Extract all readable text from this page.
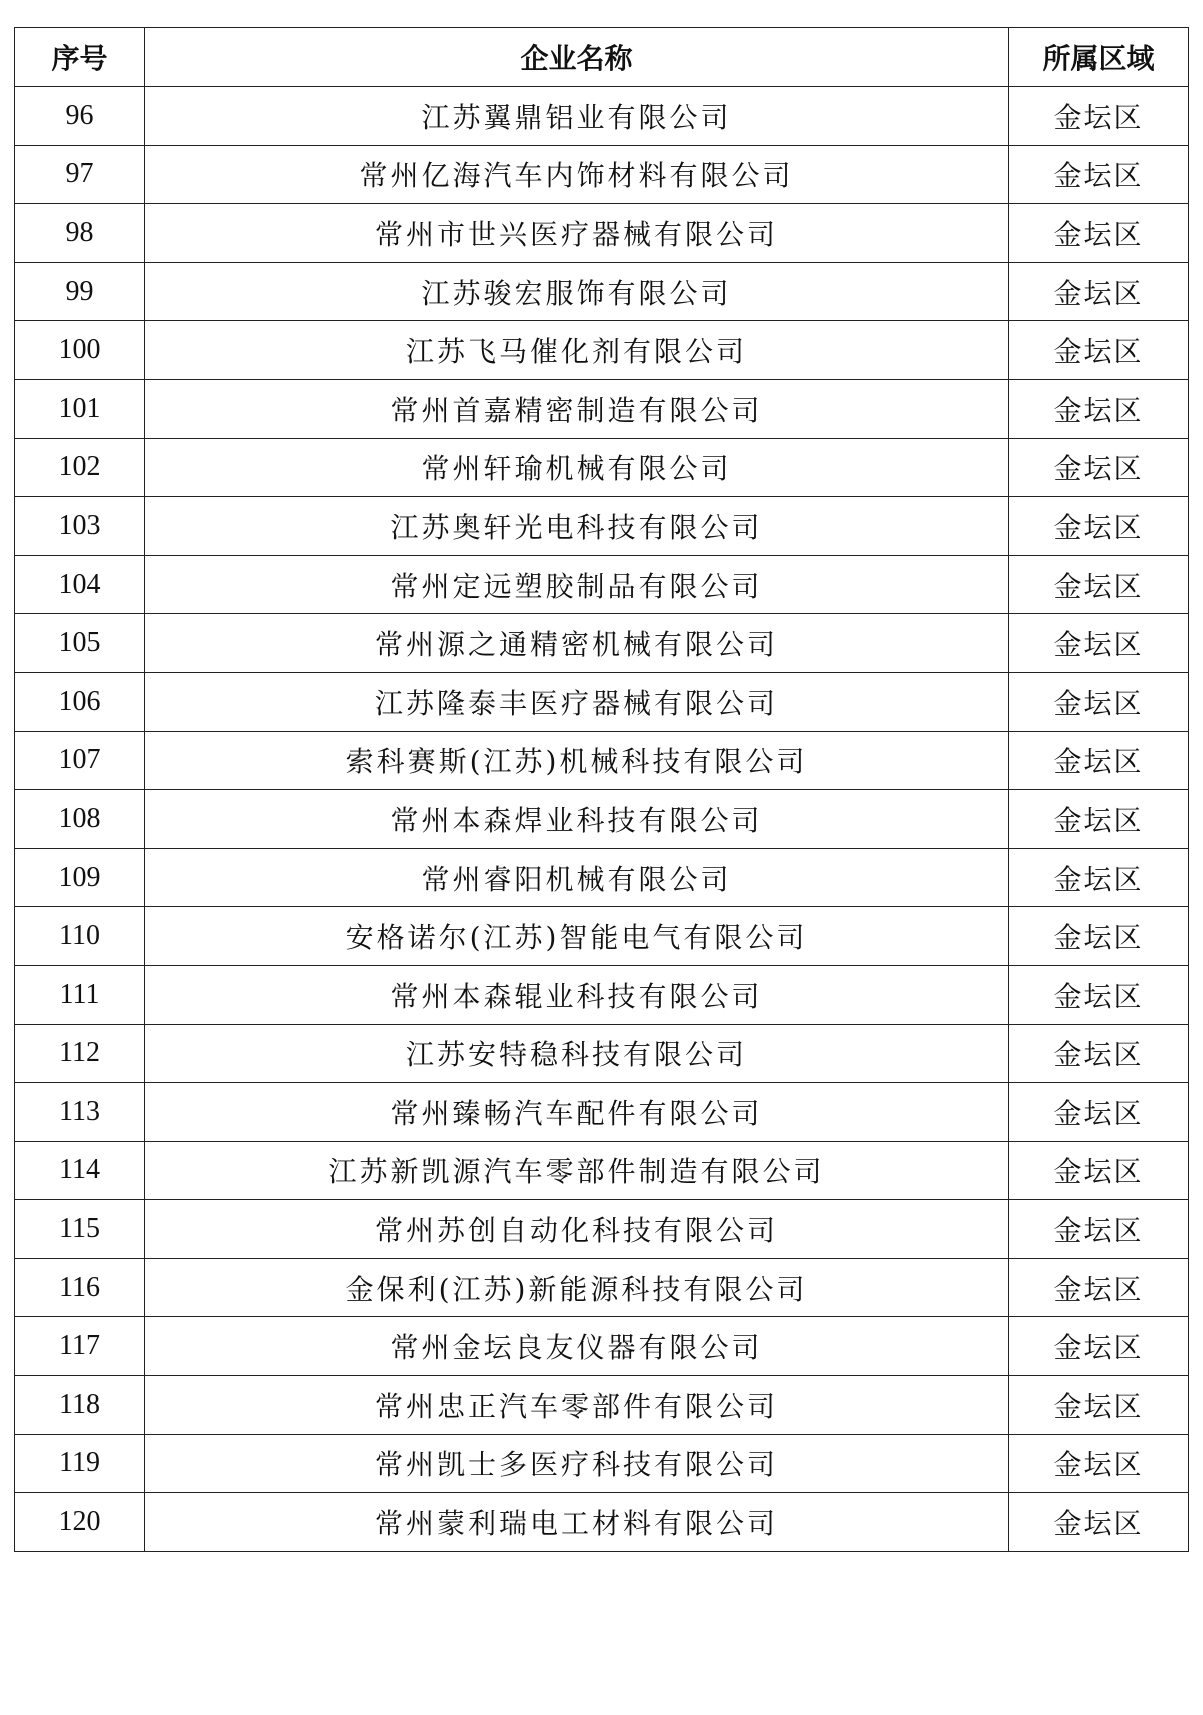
序号	企业名称	所属区域
96	江苏翼鼎铝业有限公司	金坛区
97	常州亿海汽车内饰材料有限公司	金坛区
98	常州市世兴医疗器械有限公司	金坛区
99	江苏骏宏服饰有限公司	金坛区
100	江苏飞马催化剂有限公司	金坛区
101	常州首嘉精密制造有限公司	金坛区
102	常州轩瑜机械有限公司	金坛区
103	江苏奥轩光电科技有限公司	金坛区
104	常州定远塑胶制品有限公司	金坛区
105	常州源之通精密机械有限公司	金坛区
106	江苏隆泰丰医疗器械有限公司	金坛区
107	索科赛斯(江苏)机械科技有限公司	金坛区
108	常州本森焊业科技有限公司	金坛区
109	常州睿阳机械有限公司	金坛区
110	安格诺尔(江苏)智能电气有限公司	金坛区
111	常州本森辊业科技有限公司	金坛区
112	江苏安特稳科技有限公司	金坛区
113	常州臻畅汽车配件有限公司	金坛区
114	江苏新凯源汽车零部件制造有限公司	金坛区
115	常州苏创自动化科技有限公司	金坛区
116	金保利(江苏)新能源科技有限公司	金坛区
117	常州金坛良友仪器有限公司	金坛区
118	常州忠正汽车零部件有限公司	金坛区
119	常州凯士多医疗科技有限公司	金坛区
120	常州蒙利瑞电工材料有限公司	金坛区
